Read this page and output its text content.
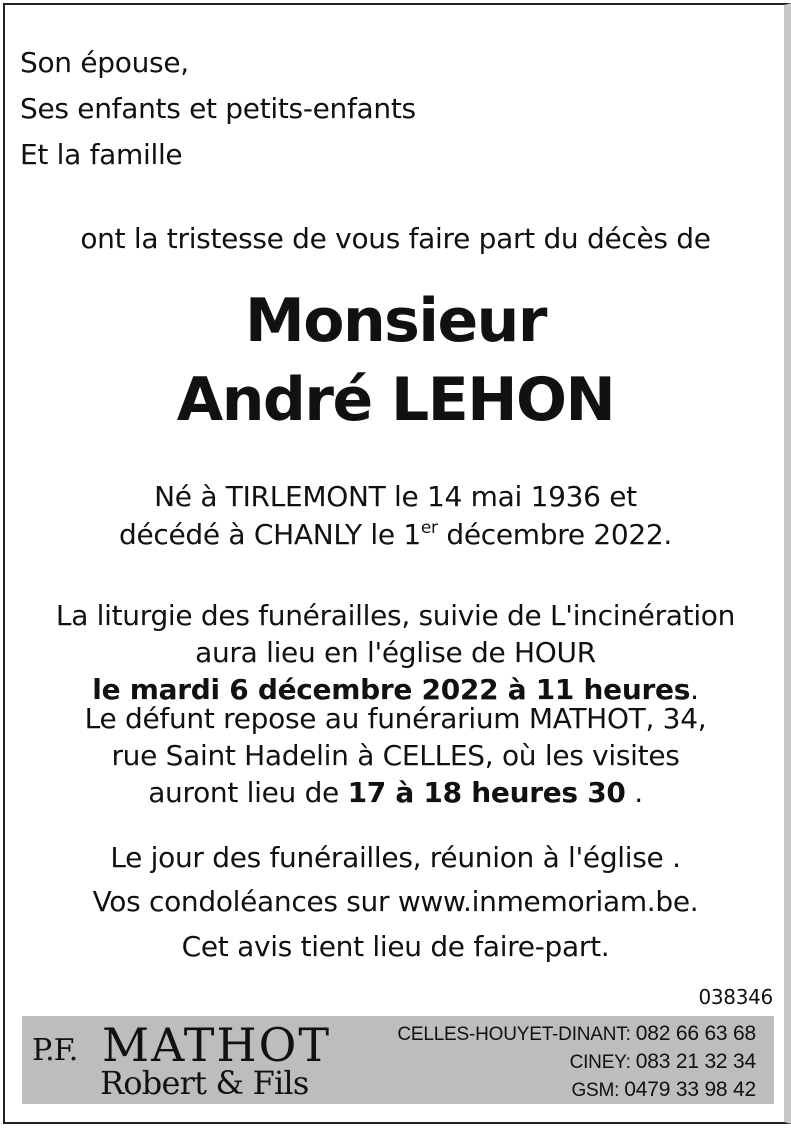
Son épouse,
Ses enfants et petits-enfants
Et la famille
ont la tristesse de vous faire part du décès de
Monsieur
André LEHON
Né à TIRLEMONT le 14 mai 1936 et
décédé à CHANLY le 1er décembre 2022.
La liturgie des funérailles, suivie de L'incinération
aura lieu en l'église de HOUR
le mardi 6 décembre 2022 à 11 heures.
Le défunt repose au funérarium MATHOT, 34,
rue Saint Hadelin à CELLES, où les visites
auront lieu de 17 à 18 heures 30 .
Le jour des funérailles, réunion à l'église .
Vos condoléances sur www.inmemoriam.be.
Cet avis tient lieu de faire-part.
038346
P.F. MATHOT
Robert & Fils
CELLES-HOUYET-DINANT: 082 66 63 68
CINEY: 083 21 32 34
GSM: 0479 33 98 42
